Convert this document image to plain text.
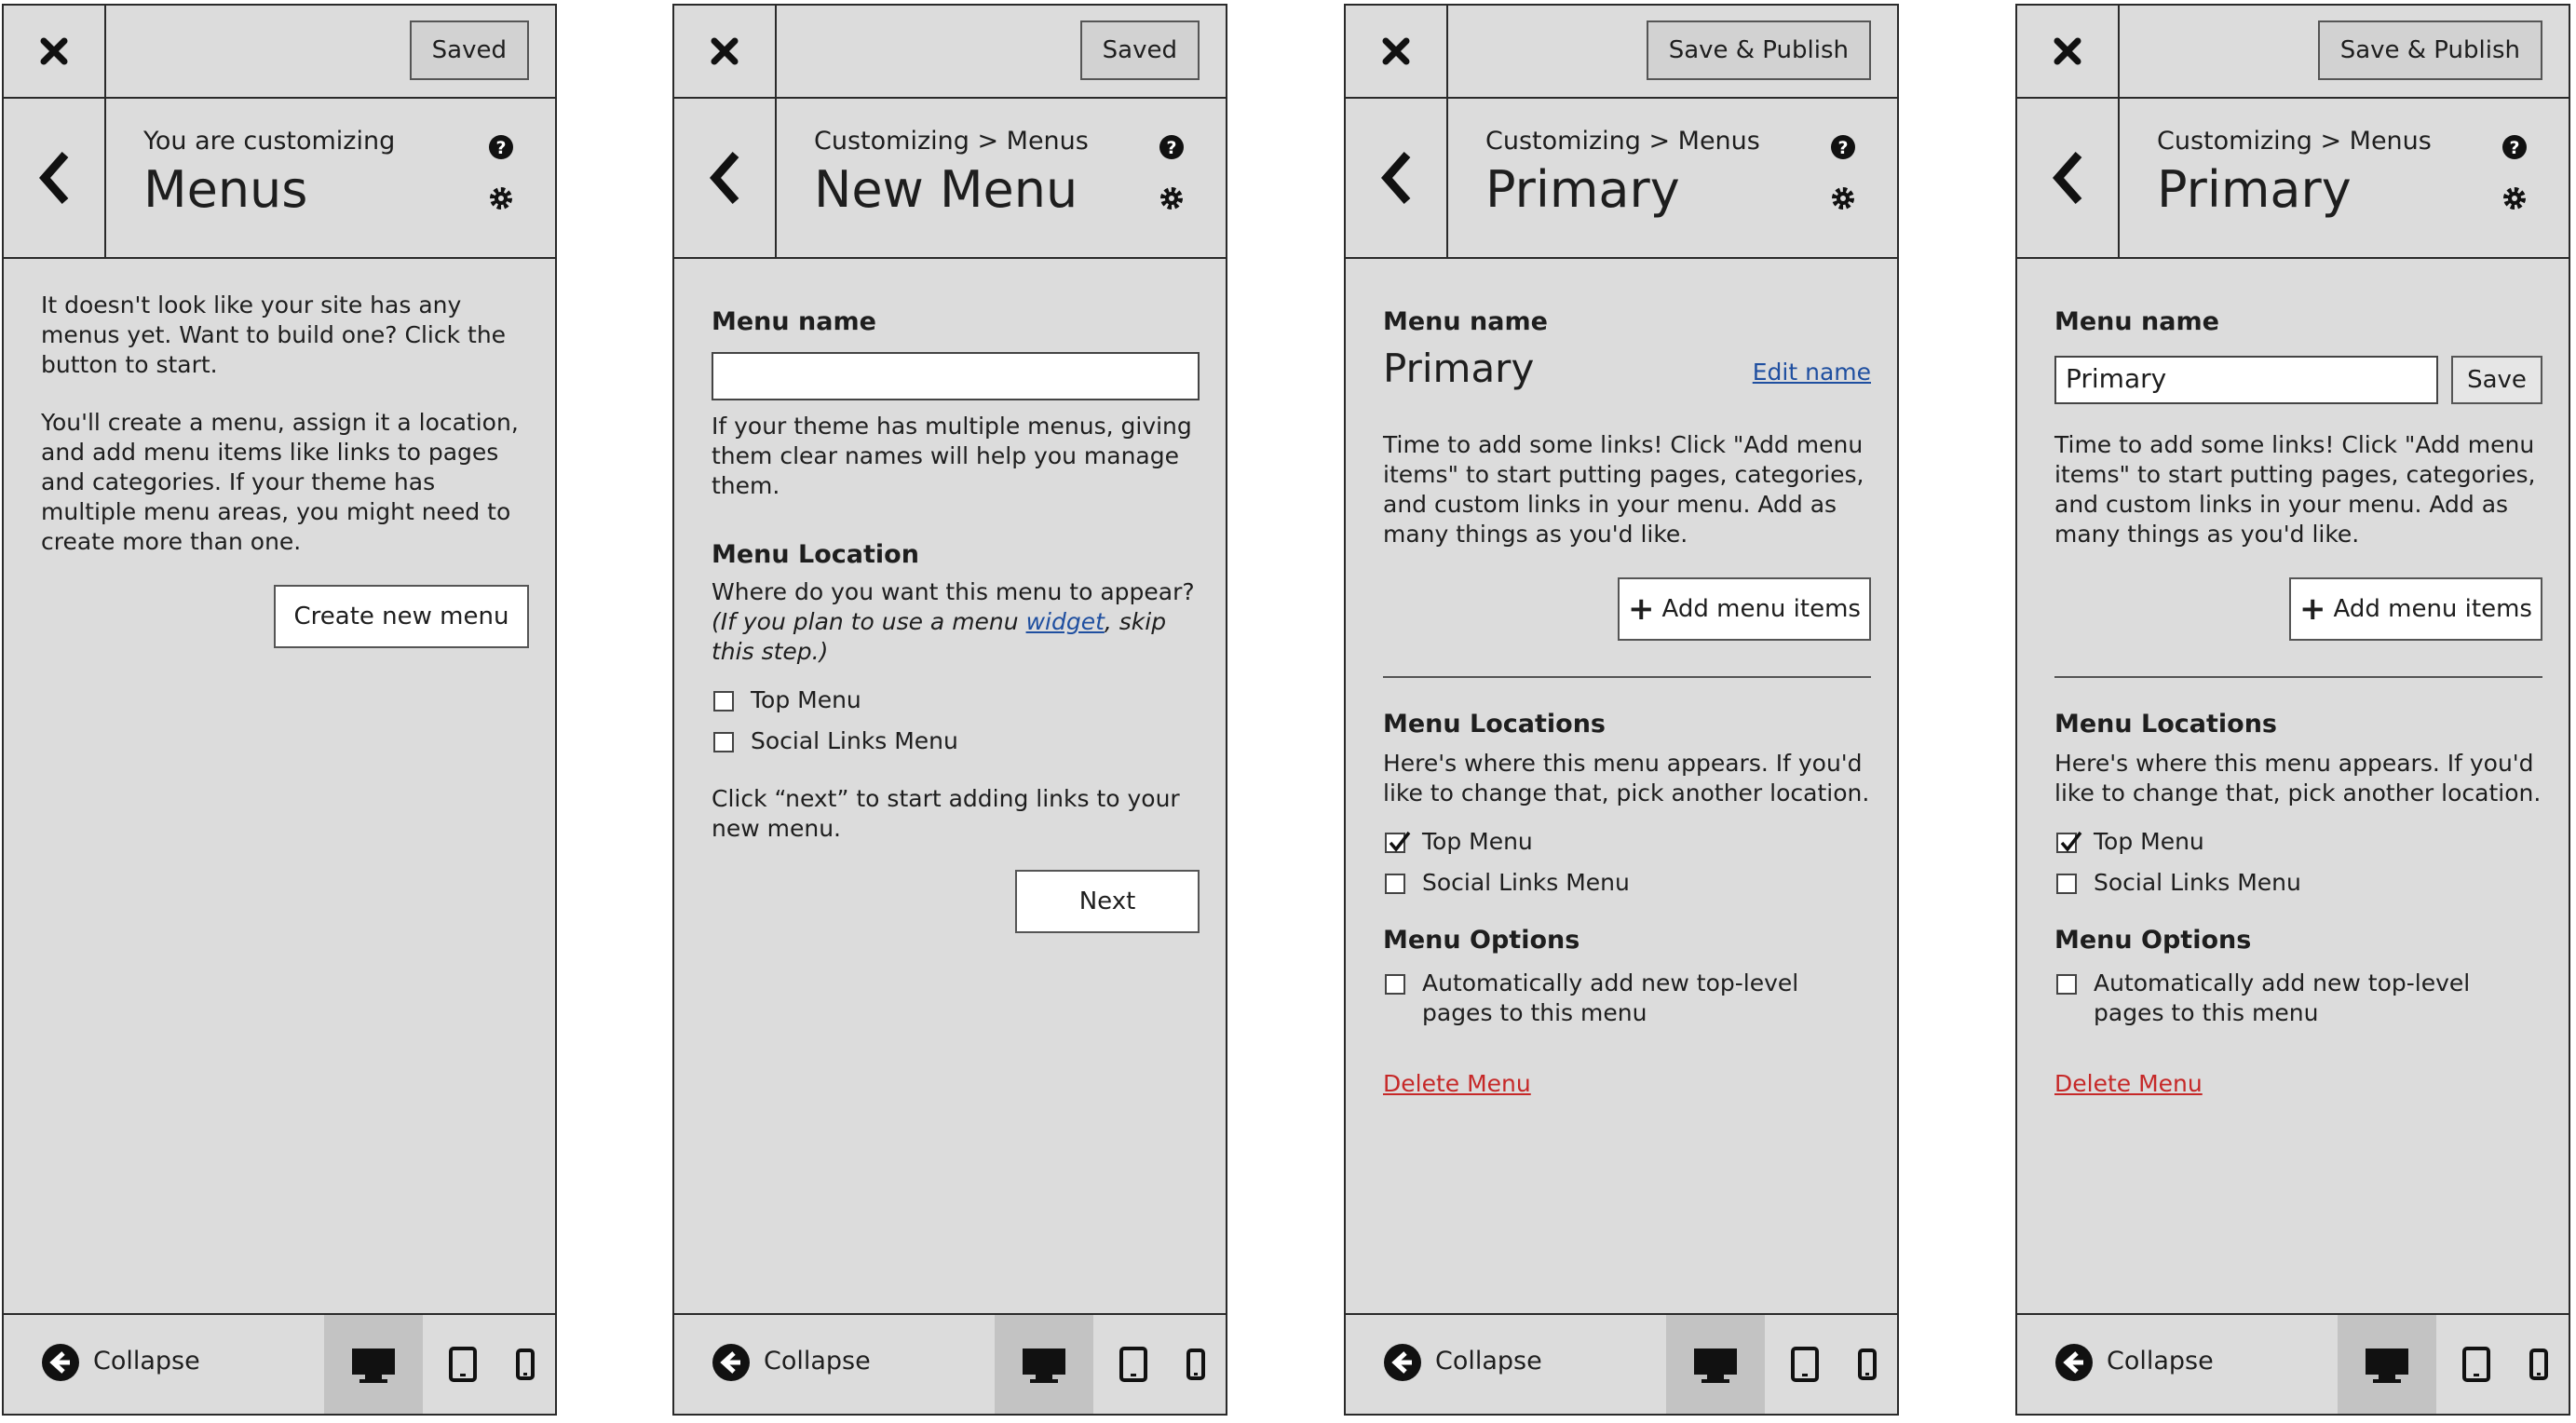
Saved
You are customizing
Menus
?

It doesn't look like your site has any menus yet. Want to build one? Click the button to start.

You'll create a menu, assign it a location, and add menu items like links to pages and categories. If your theme has multiple menu areas, you might need to create more than one.

Create new menu
Collapse
Saved
Customizing > Menus
New Menu
?
Menu name

If your theme has multiple menus, giving them clear names will help you manage them.

Menu Location

Where do you want this menu to appear?

(If you plan to use a menu widget, skip this step.)

Top Menu
Social Links Menu

Click “next” to start adding links to your new menu.

Next
Collapse
Save & Publish
Customizing > Menus
Primary
?
Menu name
Primary	Edit name

Time to add some links! Click "Add menu items" to start putting pages, categories, and custom links in your menu. Add as many things as you'd like.

+ Add menu items
Menu Locations

Here's where this menu appears. If you'd like to change that, pick another location.

Top Menu
Social Links Menu
Menu Options
Automatically add new top-level pages to this menu
Delete Menu
Collapse
Save & Publish
Customizing > Menus
Primary
?
Menu name
Primary	Save

Time to add some links! Click "Add menu items" to start putting pages, categories, and custom links in your menu. Add as many things as you'd like.

+ Add menu items
Menu Locations

Here's where this menu appears. If you'd like to change that, pick another location.

Top Menu
Social Links Menu
Menu Options
Automatically add new top-level pages to this menu
Delete Menu
Collapse
